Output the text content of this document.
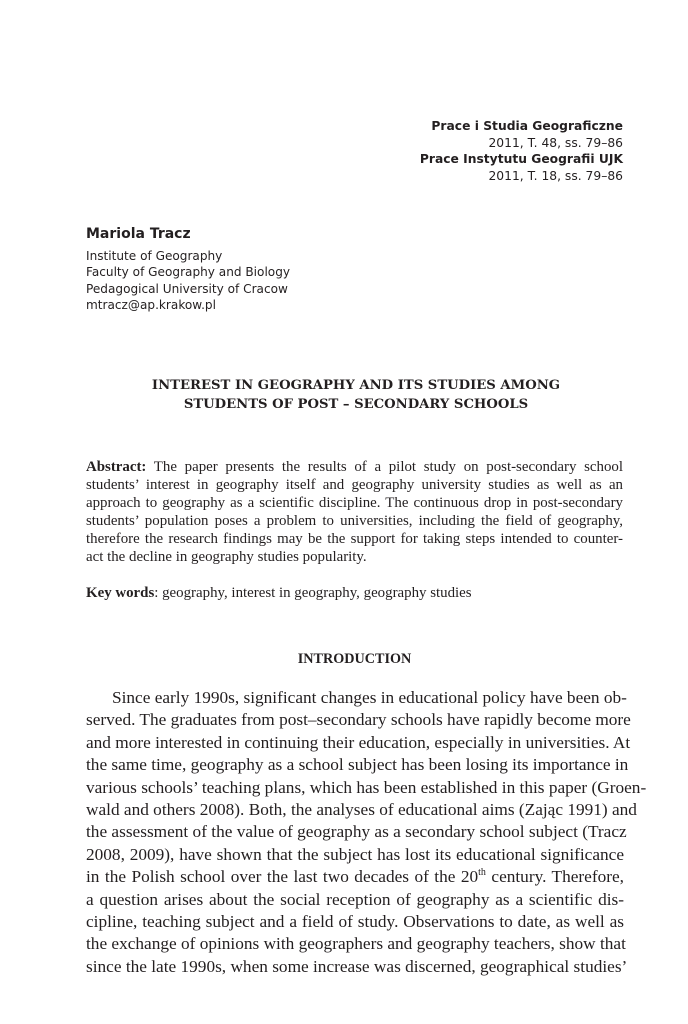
Prace i Studia Geograficzne
2011, T. 48, ss. 79–86
Prace Instytutu Geografii UJK
2011, T. 18, ss. 79–86
Mariola Tracz
Institute of Geography
Faculty of Geography and Biology
Pedagogical University of Cracow
mtracz@ap.krakow.pl
INTEREST IN GEOGRAPHY AND ITS STUDIES AMONG
STUDENTS OF POST – SECONDARY SCHOOLS
Abstract: The paper presents the results of a pilot study on post-secondary school
students’ interest in geography itself and geography university studies as well as an
approach to geography as a scientific discipline. The continuous drop in post-secondary
students’ population poses a problem to universities, including the field of geography,
therefore the research findings may be the support for taking steps intended to counter-
act the decline in geography studies popularity.
Key words: geography, interest in geography, geography studies
INTRODUCTION
Since early 1990s, significant changes in educational policy have been ob-
served. The graduates from post–secondary schools have rapidly become more
and more interested in continuing their education, especially in universities. At
the same time, geography as a school subject has been losing its importance in
various schools’ teaching plans, which has been established in this paper (Groen-
wald and others 2008). Both, the analyses of educational aims (Zając 1991) and
the assessment of the value of geography as a secondary school subject (Tracz
2008, 2009), have shown that the subject has lost its educational significance
in the Polish school over the last two decades of the 20th century. Therefore,
a question arises about the social reception of geography as a scientific dis-
cipline, teaching subject and a field of study. Observations to date, as well as
the exchange of opinions with geographers and geography teachers, show that
since the late 1990s, when some increase was discerned, geographical studies’
